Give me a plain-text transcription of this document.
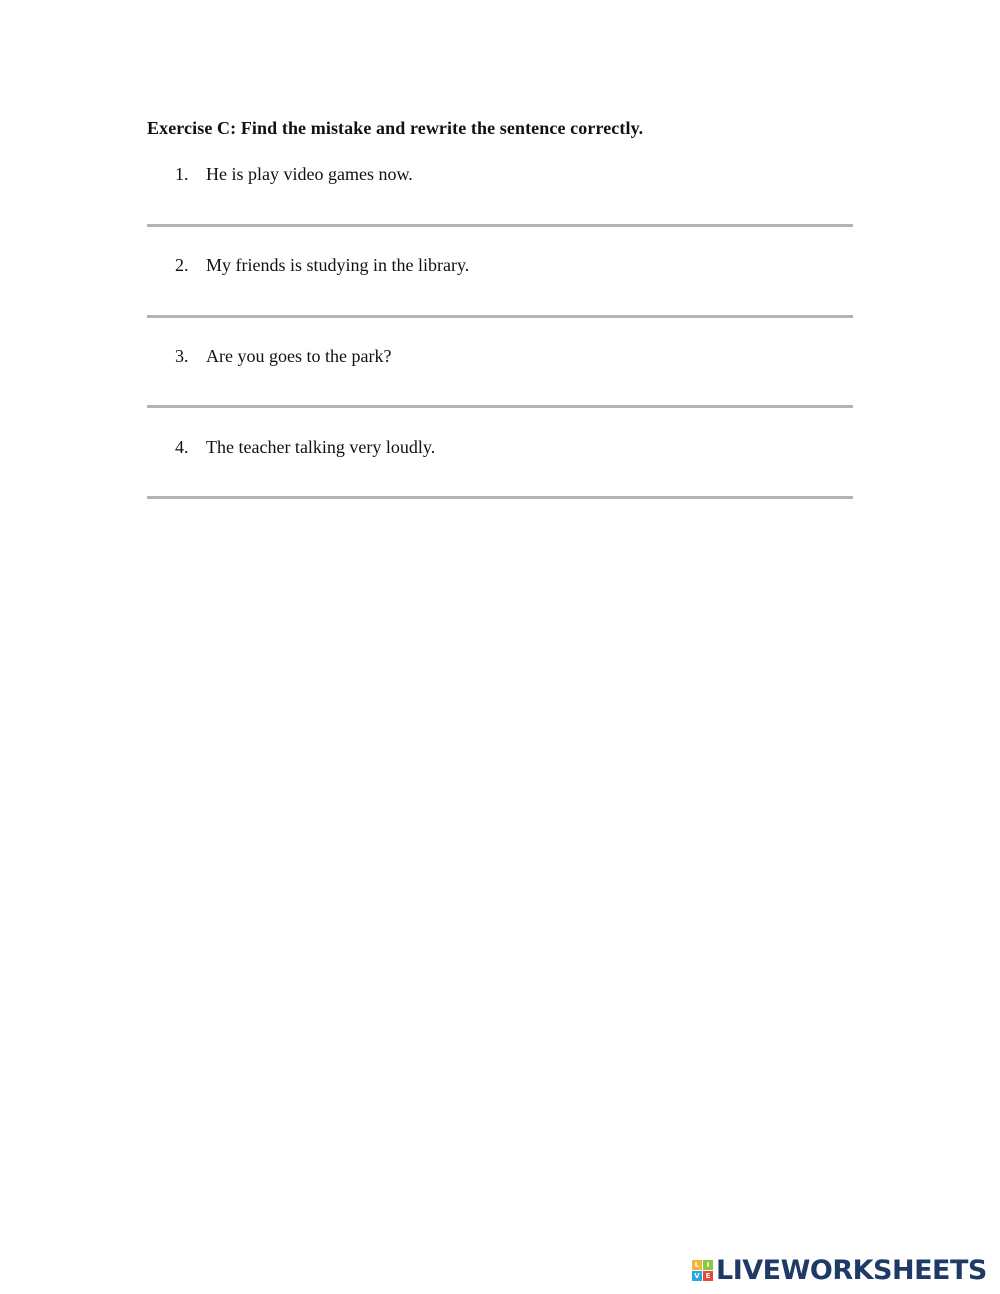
Exercise C: Find the mistake and rewrite the sentence correctly.
1. He is play video games now.
2. My friends is studying in the library.
3. Are you goes to the park?
4. The teacher talking very loudly.
L	I
V E LIVEWORKSHEETS
